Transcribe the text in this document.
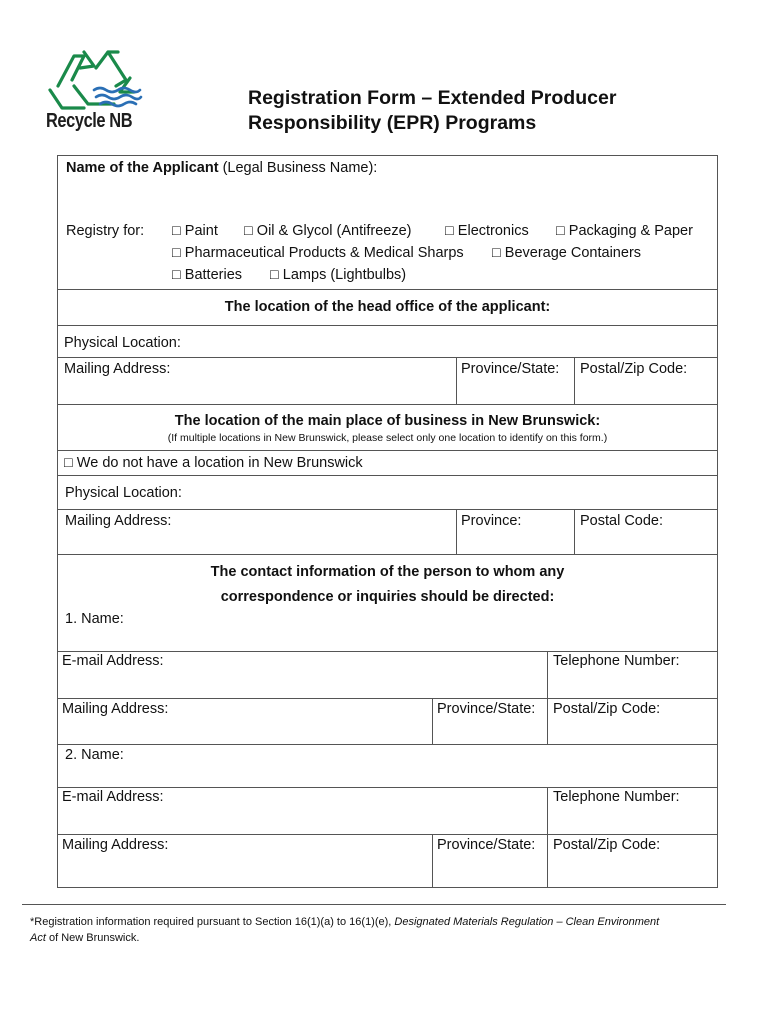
Recycle NB
Registration Form – Extended Producer
Responsibility (EPR) Programs
Name of the Applicant (Legal Business Name):
Registry for: □ Paint □ Oil & Glycol (Antifreeze) □ Electronics □ Packaging & Paper
□ Pharmaceutical Products & Medical Sharps □ Beverage Containers
□ Batteries □ Lamps (Lightbulbs)
The location of the head office of the applicant:
Physical Location:
Mailing Address:	Province/State: Postal/Zip Code:
The location of the main place of business in New Brunswick:
(If multiple locations in New Brunswick, please select only one location to identify on this form.)
□ We do not have a location in New Brunswick
Physical Location:
Mailing Address:	Province:	Postal Code:
The contact information of the person to whom any
correspondence or inquiries should be directed:
1. Name:
E-mail Address:	Telephone Number:
Mailing Address:	Province/State: Postal/Zip Code:
2. Name:
E-mail Address:	Telephone Number:
Mailing Address:	Province/State: Postal/Zip Code:
*Registration information required pursuant to Section 16(1)(a) to 16(1)(e), Designated Materials Regulation – Clean Environment Act of New Brunswick.
